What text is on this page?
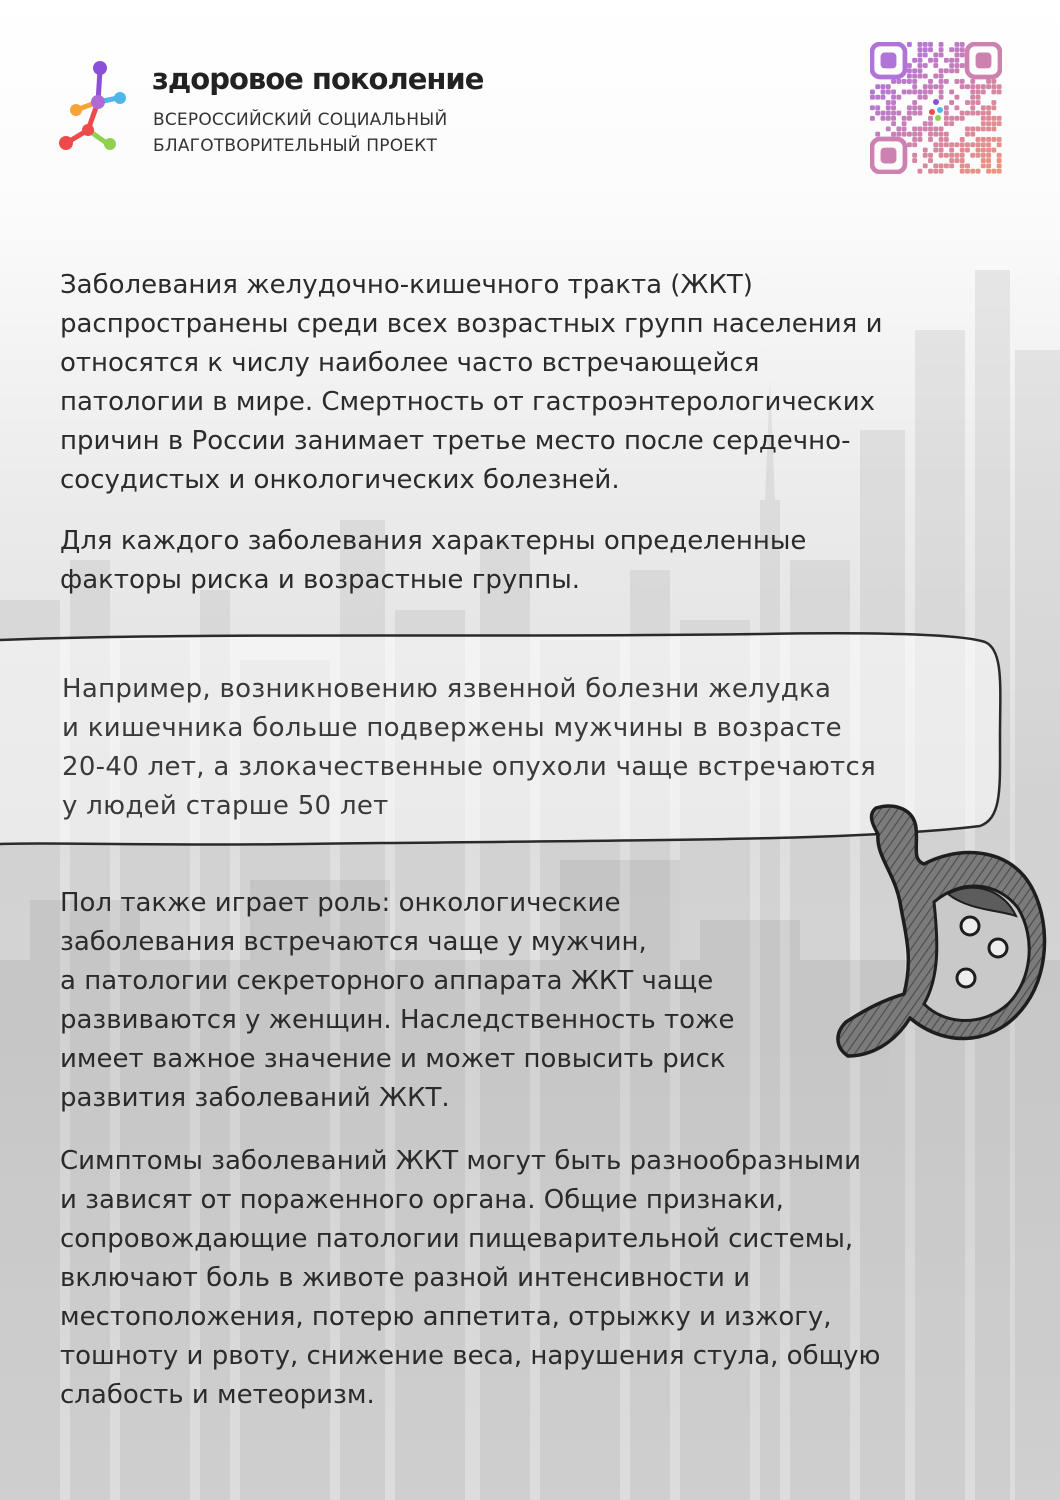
здоровое поколение
ВСЕРОССИЙСКИЙ СОЦИАЛЬНЫЙ
БЛАГОТВОРИТЕЛЬНЫЙ ПРОЕКТ

Заболевания желудочно-кишечного тракта (ЖКТ)
распространены среди всех возрастных групп населения и
относятся к числу наиболее часто встречающейся
патологии в мире. Смертность от гастроэнтерологических
причин в России занимает третье место после сердечно-
сосудистых и онкологических болезней.

Для каждого заболевания характерны определенные
факторы риска и возрастные группы.

Например, возникновению язвенной болезни желудка
и кишечника больше подвержены мужчины в возрасте
20-40 лет, а злокачественные опухоли чаще встречаются
у людей старше 50 лет

Пол также играет роль: онкологические
заболевания встречаются чаще у мужчин,
а патологии секреторного аппарата ЖКТ чаще
развиваются у женщин. Наследственность тоже
имеет важное значение и может повысить риск
развития заболеваний ЖКТ.

Симптомы заболеваний ЖКТ могут быть разнообразными
и зависят от пораженного органа. Общие признаки,
сопровождающие патологии пищеварительной системы,
включают боль в животе разной интенсивности и
местоположения, потерю аппетита, отрыжку и изжогу,
тошноту и рвоту, снижение веса, нарушения стула, общую
слабость и метеоризм.
